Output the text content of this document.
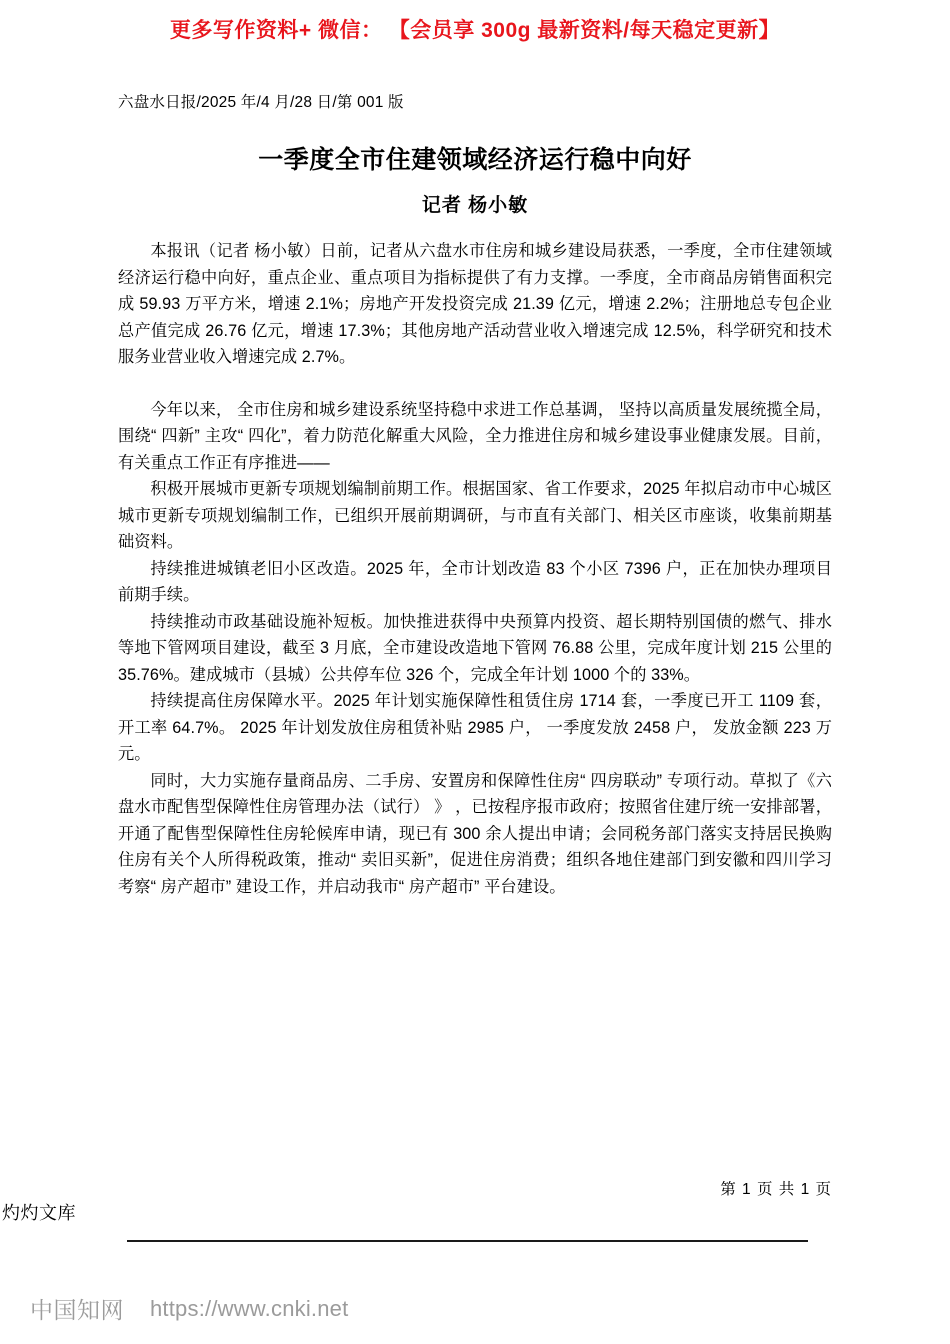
更多写作资料+ 微信： 【会员享 300g 最新资料/每天稳定更新】
六盘水日报/2025 年/4 月/28 日/第 001 版
一季度全市住建领域经济运行稳中向好
记者 杨小敏

本报讯（记者 杨小敏）日前，记者从六盘水市住房和城乡建设局获悉，一季度，全市住建领域经济运行稳中向好，重点企业、重点项目为指标提供了有力支撑。一季度，全市商品房销售面积完成 59.93 万平方米，增速 2.1%；房地产开发投资完成 21.39 亿元，增速 2.2%；注册地总专包企业总产值完成 26.76 亿元，增速 17.3%；其他房地产活动营业收入增速完成 12.5%，科学研究和技术服务业营业收入增速完成 2.7%。

今年以来， 全市住房和城乡建设系统坚持稳中求进工作总基调， 坚持以高质量发展统揽全局，围绕“ 四新” 主攻“ 四化”，着力防范化解重大风险，全力推进住房和城乡建设事业健康发展。目前，有关重点工作正有序推进——

积极开展城市更新专项规划编制前期工作。根据国家、省工作要求，2025 年拟启动市中心城区城市更新专项规划编制工作，已组织开展前期调研，与市直有关部门、相关区市座谈，收集前期基础资料。

持续推进城镇老旧小区改造。2025 年，全市计划改造 83 个小区 7396 户，正在加快办理项目前期手续。

持续推动市政基础设施补短板。加快推进获得中央预算内投资、超长期特别国债的燃气、排水等地下管网项目建设，截至 3 月底，全市建设改造地下管网 76.88 公里，完成年度计划 215 公里的 35.76%。建成城市（县城）公共停车位 326 个，完成全年计划 1000 个的 33%。

持续提高住房保障水平。2025 年计划实施保障性租赁住房 1714 套，一季度已开工 1109 套，开工率 64.7%。 2025 年计划发放住房租赁补贴 2985 户， 一季度发放 2458 户， 发放金额 223 万元。

同时，大力实施存量商品房、二手房、安置房和保障性住房“ 四房联动” 专项行动。草拟了《六盘水市配售型保障性住房管理办法（试行） 》 ，已按程序报市政府；按照省住建厅统一安排部署，开通了配售型保障性住房轮候库申请，现已有 300 余人提出申请；会同税务部门落实支持居民换购住房有关个人所得税政策，推动“ 卖旧买新”，促进住房消费；组织各地住建部门到安徽和四川学习考察“ 房产超市” 建设工作，并启动我市“ 房产超市” 平台建设。

第 1 页 共 1 页
灼灼文库
中国知网 https://www.cnki.net
